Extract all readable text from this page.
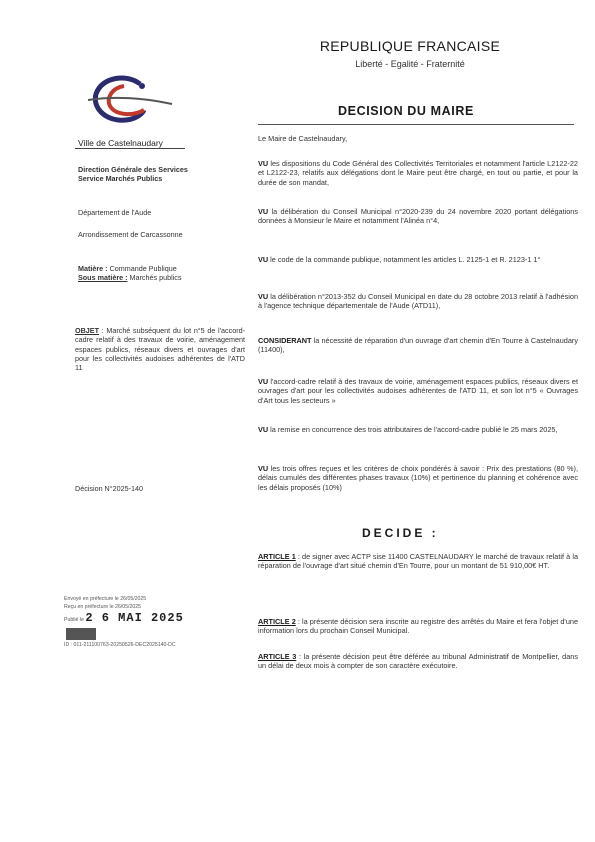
REPUBLIQUE FRANCAISE
Liberté - Egalité - Fraternité
Ville de Castelnaudary
DECISION DU MAIRE
Direction Générale des Services
Service Marchés Publics
Département de l'Aude
Arrondissement de Carcassonne
Matière : Commande Publique
Sous matière : Marchés publics
OBJET : Marché subséquent du lot n°5 de l'accord-cadre relatif à des travaux de voirie, aménagement espaces publics, réseaux divers et ouvrages d'art pour les collectivités audoises adhérentes de l'ATD 11
Décision N°2025-140
Envoyé en préfecture le 26/05/2025
Reçu en préfecture le 26/05/2025
Publié le 2 6 MAI 2025
ID : 011-211100763-20250526-DEC2025140-DC
Le Maire de Castelnaudary,
VU les dispositions du Code Général des Collectivités Territoriales et notamment l'article L2122-22 et L2122-23, relatifs aux délégations dont le Maire peut être chargé, en tout ou partie, et pour la durée de son mandat,
VU la délibération du Conseil Municipal n°2020-239 du 24 novembre 2020 portant délégations données à Monsieur le Maire et notamment l'Alinéa n°4,
VU le code de la commande publique, notamment les articles L. 2125-1 et R. 2123-1 1°
VU la délibération n°2013-352 du Conseil Municipal en date du 28 octobre 2013 relatif à l'adhésion à l'agence technique départementale de l'Aude (ATD11),
CONSIDERANT la nécessité de réparation d'un ouvrage d'art chemin d'En Tourre à Castelnaudary (11400),
VU l'accord-cadre relatif à des travaux de voirie, aménagement espaces publics, réseaux divers et ouvrages d'art pour les collectivités audoises adhérentes de l'ATD 11, et son lot n°5 « Ouvrages d'Art tous les secteurs »
VU la remise en concurrence des trois attributaires de l'accord-cadre publié le 25 mars 2025,
VU les trois offres reçues et les critères de choix pondérés à savoir : Prix des prestations (80 %), délais cumulés des différentes phases travaux (10%) et pertinence du planning et cohérence avec les délais proposés (10%)
DECIDE :
ARTICLE 1 : de signer avec ACTP sise 11400 CASTELNAUDARY le marché de travaux relatif à la réparation de l'ouvrage d'art situé chemin d'En Tourre, pour un montant de 51 910,00€ HT.
ARTICLE 2 : la présente décision sera inscrite au registre des arrêtés du Maire et fera l'objet d'une information lors du prochain Conseil Municipal.
ARTICLE 3 : la présente décision peut être déférée au tribunal Administratif de Montpellier, dans un délai de deux mois à compter de son caractère exécutoire.
